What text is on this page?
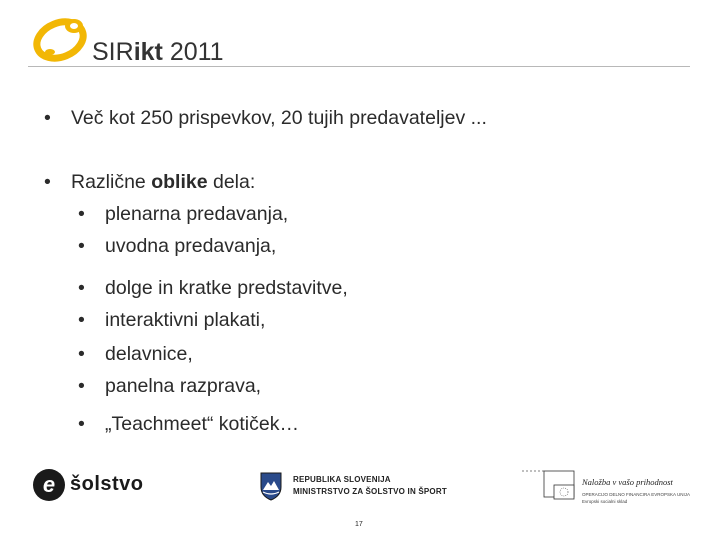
SIRikt 2011
• Več kot 250 prispevkov, 20 tujih predavateljev ...
• Različne oblike dela:
• plenarna predavanja,
• uvodna predavanja,
• dolge in kratke predstavitve,
• interaktivni plakati,
• delavnice,
• panelna razprava,
• „Teachmeet“ kotiček…
e šolstvo	REPUBLIKA SLOVENIJA
MINISTRSTVO ZA ŠOLSTVO IN ŠPORT
Naložba v vašo prihodnost
OPERACIJO DELNO FINANCIRA EVROPSKA UNIJA
Evropski socialni sklad
17
